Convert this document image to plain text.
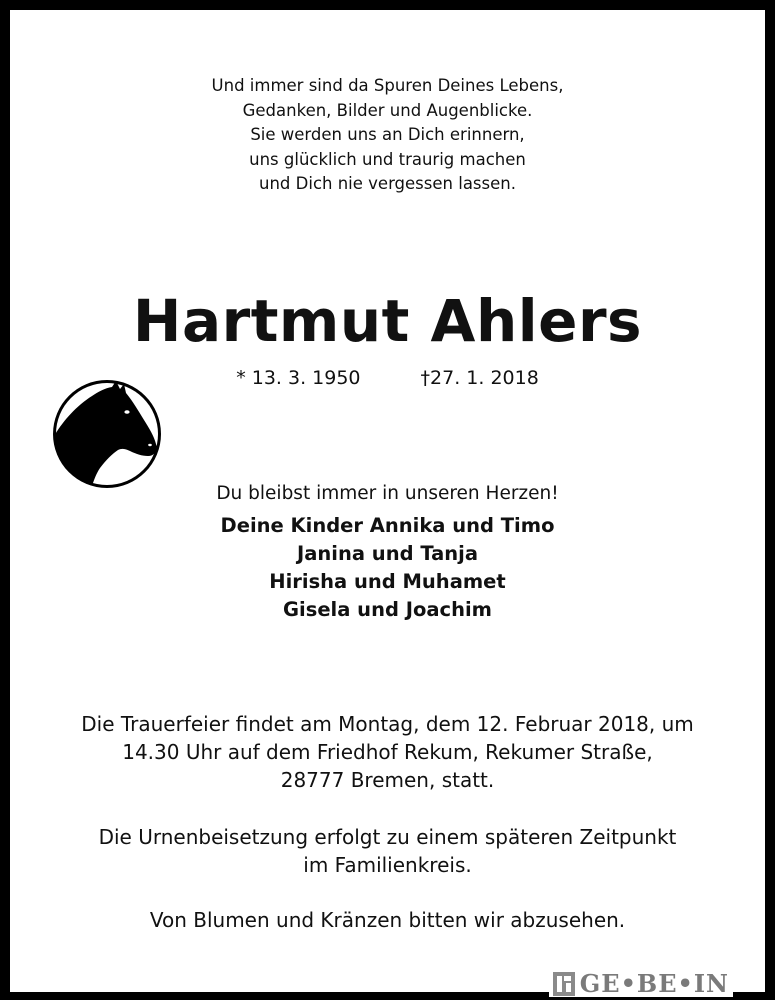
Und immer sind da Spuren Deines Lebens,
Gedanken, Bilder und Augenblicke.
Sie werden uns an Dich erinnern,
uns glücklich und traurig machen
und Dich nie vergessen lassen.
Hartmut Ahlers
* 13. 3. 1950	†27. 1. 2018
Du bleibst immer in unseren Herzen!
Deine Kinder Annika und Timo
Janina und Tanja
Hirisha und Muhamet
Gisela und Joachim
Die Trauerfeier findet am Montag, dem 12. Februar 2018, um
14.30 Uhr auf dem Friedhof Rekum, Rekumer Straße,
28777 Bremen, statt.
Die Urnenbeisetzung erfolgt zu einem späteren Zeitpunkt
im Familienkreis.
Von Blumen und Kränzen bitten wir abzusehen.
GE•BE•IN
